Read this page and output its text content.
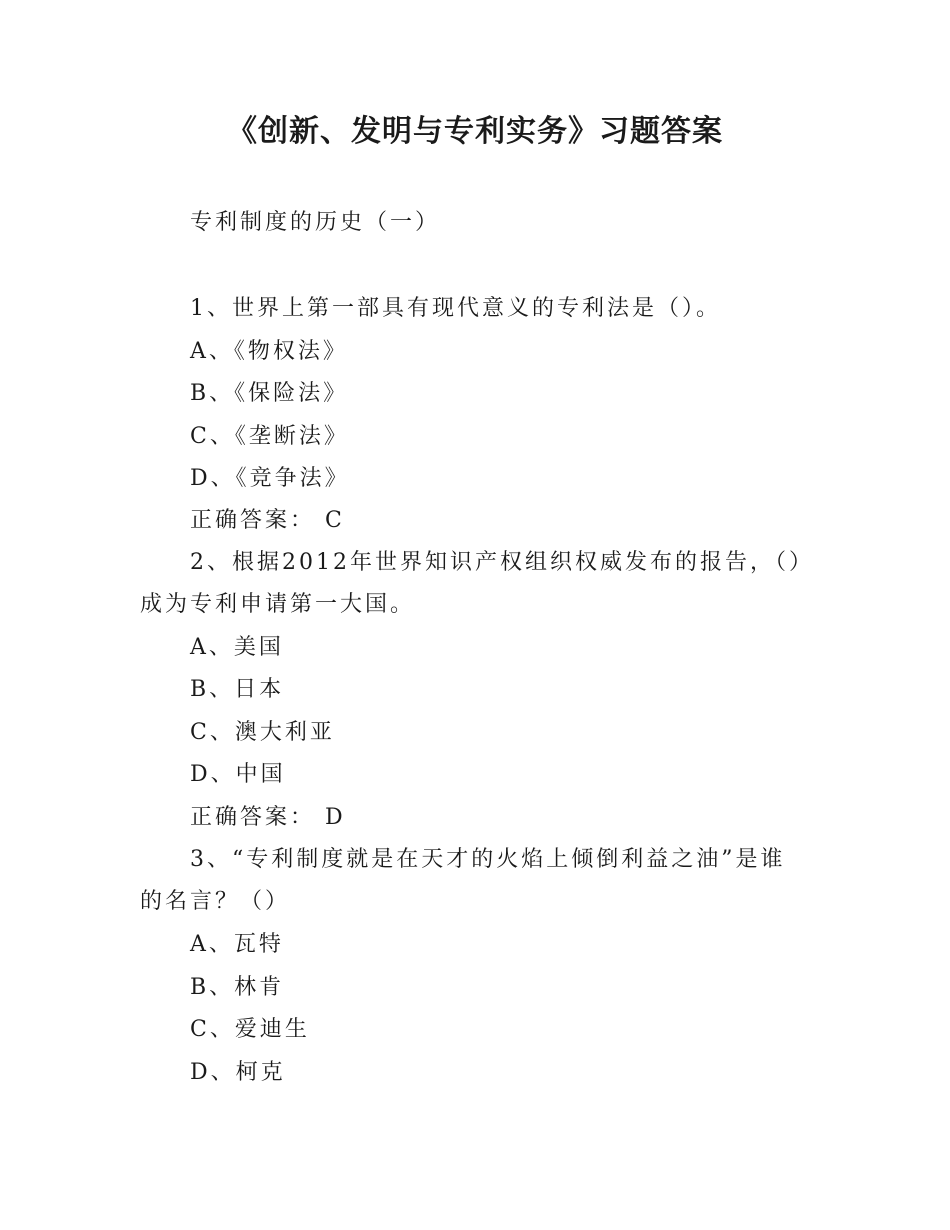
《创新、发明与专利实务》习题答案
专利制度的历史（一）
1、世界上第一部具有现代意义的专利法是（）。
A、《物权法》
B、《保险法》
C、《垄断法》
D、《竞争法》
正确答案： C
2、根据2012年世界知识产权组织权威发布的报告，（）
成为专利申请第一大国。
A、美国
B、日本
C、澳大利亚
D、中国
正确答案： D
3、“专利制度就是在天才的火焰上倾倒利益之油”是谁
的名言？（）
A、瓦特
B、林肯
C、爱迪生
D、柯克
